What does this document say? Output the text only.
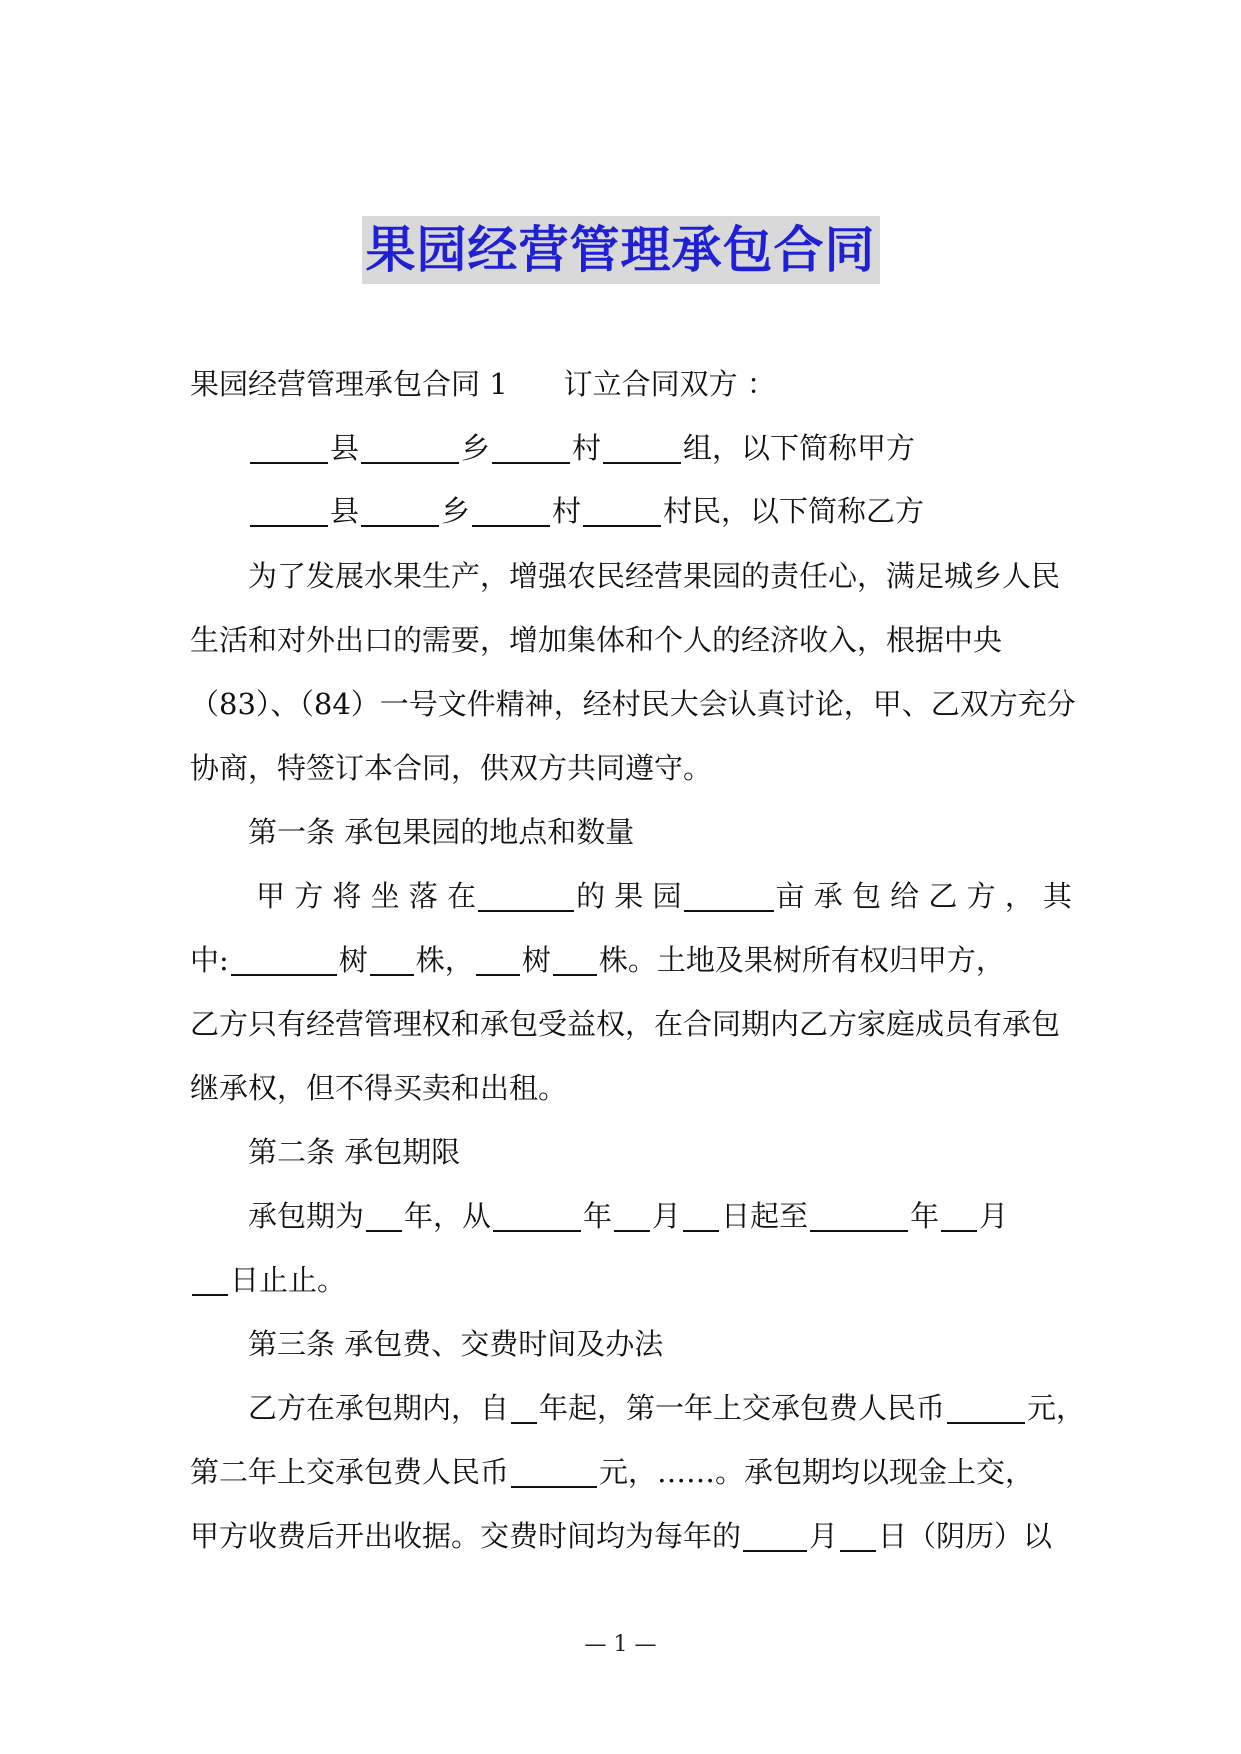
果园经营管理承包合同
果园经营管理承包合同 1 订立合同双方 ：
县	乡	村	组，以下简称甲方
县	乡	村	村民，以下简称乙方
为了发展水果生产，增强农民经营果园的责任心，满足城乡人民
生活和对外出口的需要，增加集体和个人的经济收入，根据中央
（83）、（84）一号文件精神，经村民大会认真讨论，甲、乙双方充分
协商，特签订本合同，供双方共同遵守。
第一条 承包果园的地点和数量
甲 方 将 坐 落 在	的 果 园	亩 承 包 给 乙 方 ， 其
中:	树 株， 树 株。土地及果树所有权归甲方，
乙方只有经营管理权和承包受益权，在合同期内乙方家庭成员有承包
继承权，但不得买卖和出租。
第二条 承包期限
承包期为 年，从	年 月 日起至	年 月
日止止。
第三条 承包费、交费时间及办法
乙方在承包期内，自 年起，第一年上交承包费人民币	元，
第二年上交承包费人民币	元，……。承包期均以现金上交，
甲方收费后开出收据。交费时间均为每年的 月 日（阴历）以
— 1 —
